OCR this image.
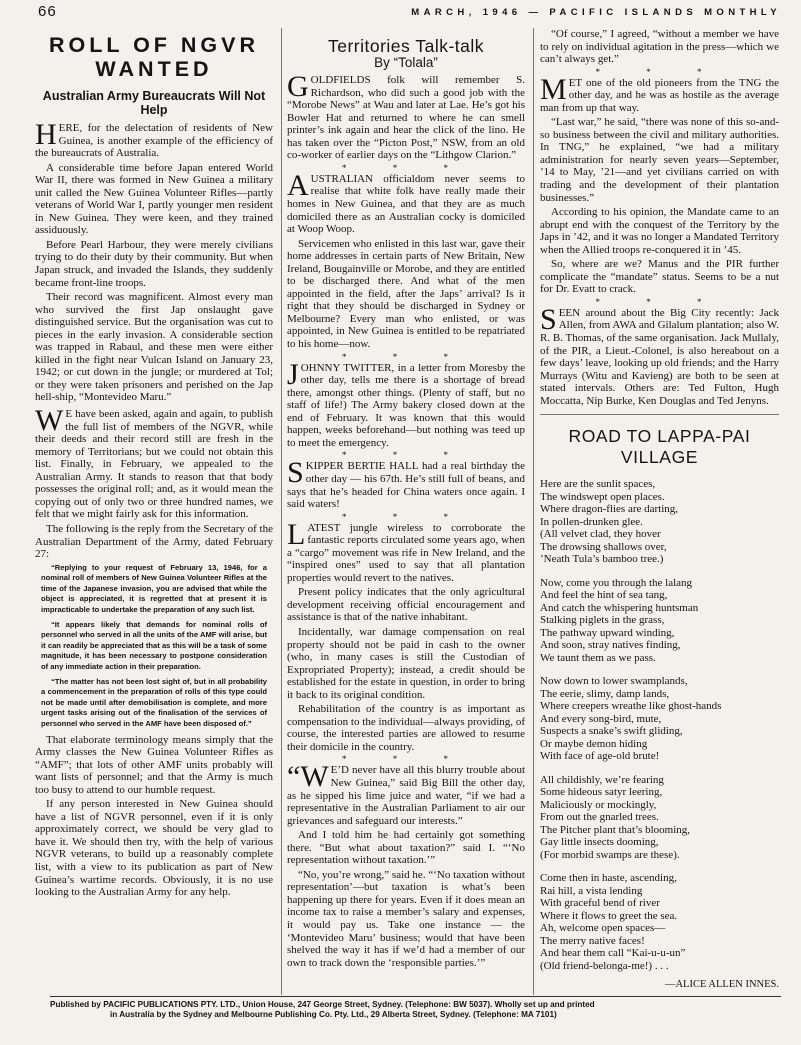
66	MARCH, 1946 — PACIFIC ISLANDS MONTHLY
ROLL OF NGVR WANTED
Australian Army Bureaucrats Will Not Help

HERE, for the delectation of residents of New Guinea, is another example of the efficiency of the bureaucrats of Australia.

A considerable time before Japan entered World War II, there was formed in New Guinea a military unit called the New Guinea Volunteer Rifles—partly veterans of World War I, partly younger men resident in New Guinea. They were keen, and they trained assiduously.

Before Pearl Harbour, they were merely civilians trying to do their duty by their community. But when Japan struck, and invaded the Islands, they suddenly became front-line troops.

Their record was magnificent. Almost every man who survived the first Jap onslaught gave distinguished service. But the organisation was cut to pieces in the early invasion. A considerable section was trapped in Rabaul, and these men were either killed in the fight near Vulcan Island on January 23, 1942; or cut down in the jungle; or murdered at Tol; or they were taken prisoners and perished on the Jap hell-ship, “Montevideo Maru.”

W E have been asked, again and again, to publish the full list of members of the NGVR, while their deeds and their record still are fresh in the memory of Territorians; but we could not obtain this list. Finally, in February, we appealed to the Australian Army. It stands to reason that that body possesses the original roll; and, as it would mean the copying out of only two or three hundred names, we felt that we might fairly ask for this information.

The following is the reply from the Secretary of the Australian Department of the Army, dated February 27:

“Replying to your request of February 13, 1946, for a nominal roll of members of New Guinea Volunteer Rifles at the time of the Japanese invasion, you are advised that while the object is appreciated, it is regretted that at present it is impracticable to undertake the preparation of any such list.
“It appears likely that demands for nominal rolls of personnel who served in all the units of the AMF will arise, but it can readily be appreciated that as this will be a task of some magnitude, it has been necessary to postpone consideration of any immediate action in their preparation.
“The matter has not been lost sight of, but in all probability a commencement in the preparation of rolls of this type could not be made until after demobilisation is complete, and more urgent tasks arising out of the finalisation of the services of personnel who served in the AMF have been disposed of.”

That elaborate terminology means simply that the Army classes the New Guinea Volunteer Rifles as “AMF”; that lots of other AMF units probably will want lists of personnel; and that the Army is much too busy to attend to our humble request.

If any person interested in New Guinea should have a list of NGVR personnel, even if it is only approximately correct, we should be very glad to have it. We should then try, with the help of various NGVR veterans, to build up a reasonably complete list, with a view to its publication as part of New Guinea’s wartime records. Obviously, it is no use looking to the Australian Army for any help.

Territories Talk-talk
By “Tolala”

GOLDFIELDS folk will remember S. Richardson, who did such a good job with the “Morobe News” at Wau and later at Lae. He’s got his Bowler Hat and returned to where he can smell printer’s ink again and hear the click of the lino. He has taken over the “Picton Post,” NSW, from an old co-worker of earlier days on the “Lithgow Clarion.”

* * *

AUSTRALIAN officialdom never seems to realise that white folk have really made their homes in New Guinea, and that they are as much domiciled there as an Australian cocky is domiciled at Woop Woop.

Servicemen who enlisted in this last war, gave their home addresses in certain parts of New Britain, New Ireland, Bougainville or Morobe, and they are entitled to be discharged there. And what of the men appointed in the field, after the Japs’ arrival? Is it right that they should be discharged in Sydney or Melbourne? Every man who enlisted, or was appointed, in New Guinea is entitled to be repatriated to his home—now.

* * *

JOHNNY TWITTER, in a letter from Moresby the other day, tells me there is a shortage of bread there, amongst other things. (Plenty of staff, but no staff of life!) The Army bakery closed down at the end of February. It was known that this would happen, weeks beforehand—but nothing was teed up to meet the emergency.

* * *

SKIPPER BERTIE HALL had a real birthday the other day — his 67th. He’s still full of beans, and says that he’s headed for China waters once again. I said waters!

* * *

LATEST jungle wireless to corroborate the fantastic reports circulated some years ago, when a “cargo” movement was rife in New Ireland, and the “inspired ones” used to say that all plantation properties would revert to the natives.

Present policy indicates that the only agricultural development receiving official encouragement and assistance is that of the native inhabitant.

Incidentally, war damage compensation on real property should not be paid in cash to the owner (who, in many cases is still the Custodian of Expropriated Property); instead, a credit should be established for the estate in question, in order to bring it back to its original condition.

Rehabilitation of the country is as important as compensation to the individual—always providing, of course, the interested parties are allowed to resume their domicile in the country.

* * *

“W E’D never have all this blurry trouble about New Guinea,” said Big Bill the other day, as he sipped his lime juice and water, “if we had a representative in the Australian Parliament to air our grievances and safeguard our interests.”

And I told him he had certainly got something there. “But what about taxation?” said I. “‘No representation without taxation.’”

“No, you’re wrong,” said he. “‘No taxation without representation’—but taxation is what’s been happening up there for years. Even if it does mean an income tax to raise a member’s salary and expenses, it would pay us. Take one instance — the ‘Montevideo Maru’ business; would that have been shelved the way it has if we’d had a member of our own to track down the ‘responsible parties.’”

“Of course,” I agreed, “without a member we have to rely on individual agitation in the press—which we can’t always get.”

* * *

MET one of the old pioneers from the TNG the other day, and he was as hostile as the average man from up that way.

“Last war,” he said, “there was none of this so-and-so business between the civil and military authorities. In TNG,” he explained, “we had a military administration for nearly seven years—September, ’14 to May, ’21—and yet civilians carried on with trading and the development of their plantation businesses.”

According to his opinion, the Mandate came to an abrupt end with the conquest of the Territory by the Japs in ’42, and it was no longer a Mandated Territory when the Allied troops re-conquered it in ’45.

So, where are we? Manus and the PIR further complicate the “mandate” status. Seems to be a nut for Dr. Evatt to crack.

* * *

SEEN around about the Big City recently: Jack Allen, from AWA and Gilalum plantation; also W. R. B. Thomas, of the same organisation. Jack Mullaly, of the PIR, a Lieut.-Colonel, is also hereabout on a few days’ leave, looking up old friends; and the Harry Murrays (Witu and Kavieng) are both to be seen at stated intervals. Others are: Ted Fulton, Hugh Moccatta, Nip Burke, Ken Douglas and Ted Jenyns.

ROAD TO LAPPA-PAI VILLAGE
Here are the sunlit spaces,
The windswept open places.
Where dragon-flies are darting,
In pollen-drunken glee.
(All velvet clad, they hover
The drowsing shallows over,
’Neath Tula’s bamboo tree.)
Now, come you through the lalang
And feel the hint of sea tang,
And catch the whispering huntsman
Stalking piglets in the grass,
The pathway upward winding,
And soon, stray natives finding,
We taunt them as we pass.
Now down to lower swamplands,
The eerie, slimy, damp lands,
Where creepers wreathe like ghost-hands
And every song-bird, mute,
Suspects a snake’s swift gliding,
Or maybe demon hiding
With face of age-old brute!
All childishly, we’re fearing
Some hideous satyr leering,
Maliciously or mockingly,
From out the gnarled trees.
The Pitcher plant that’s blooming,
Gay little insects dooming,
(For morbid swamps are these).
Come then in haste, ascending,
Rai hill, a vista lending
With graceful bend of river
Where it flows to greet the sea.
Ah, welcome open spaces—
The merry native faces!
And hear them call “Kai-u-u-un”
(Old friend-belonga-me!) . . .
—ALICE ALLEN INNES.
Published by PACIFIC PUBLICATIONS PTY. LTD., Union House, 247 George Street, Sydney. (Telephone: BW 5037). Wholly set up and printed
in Australia by the Sydney and Melbourne Publishing Co. Pty. Ltd., 29 Alberta Street, Sydney. (Telephone: MA 7101)
